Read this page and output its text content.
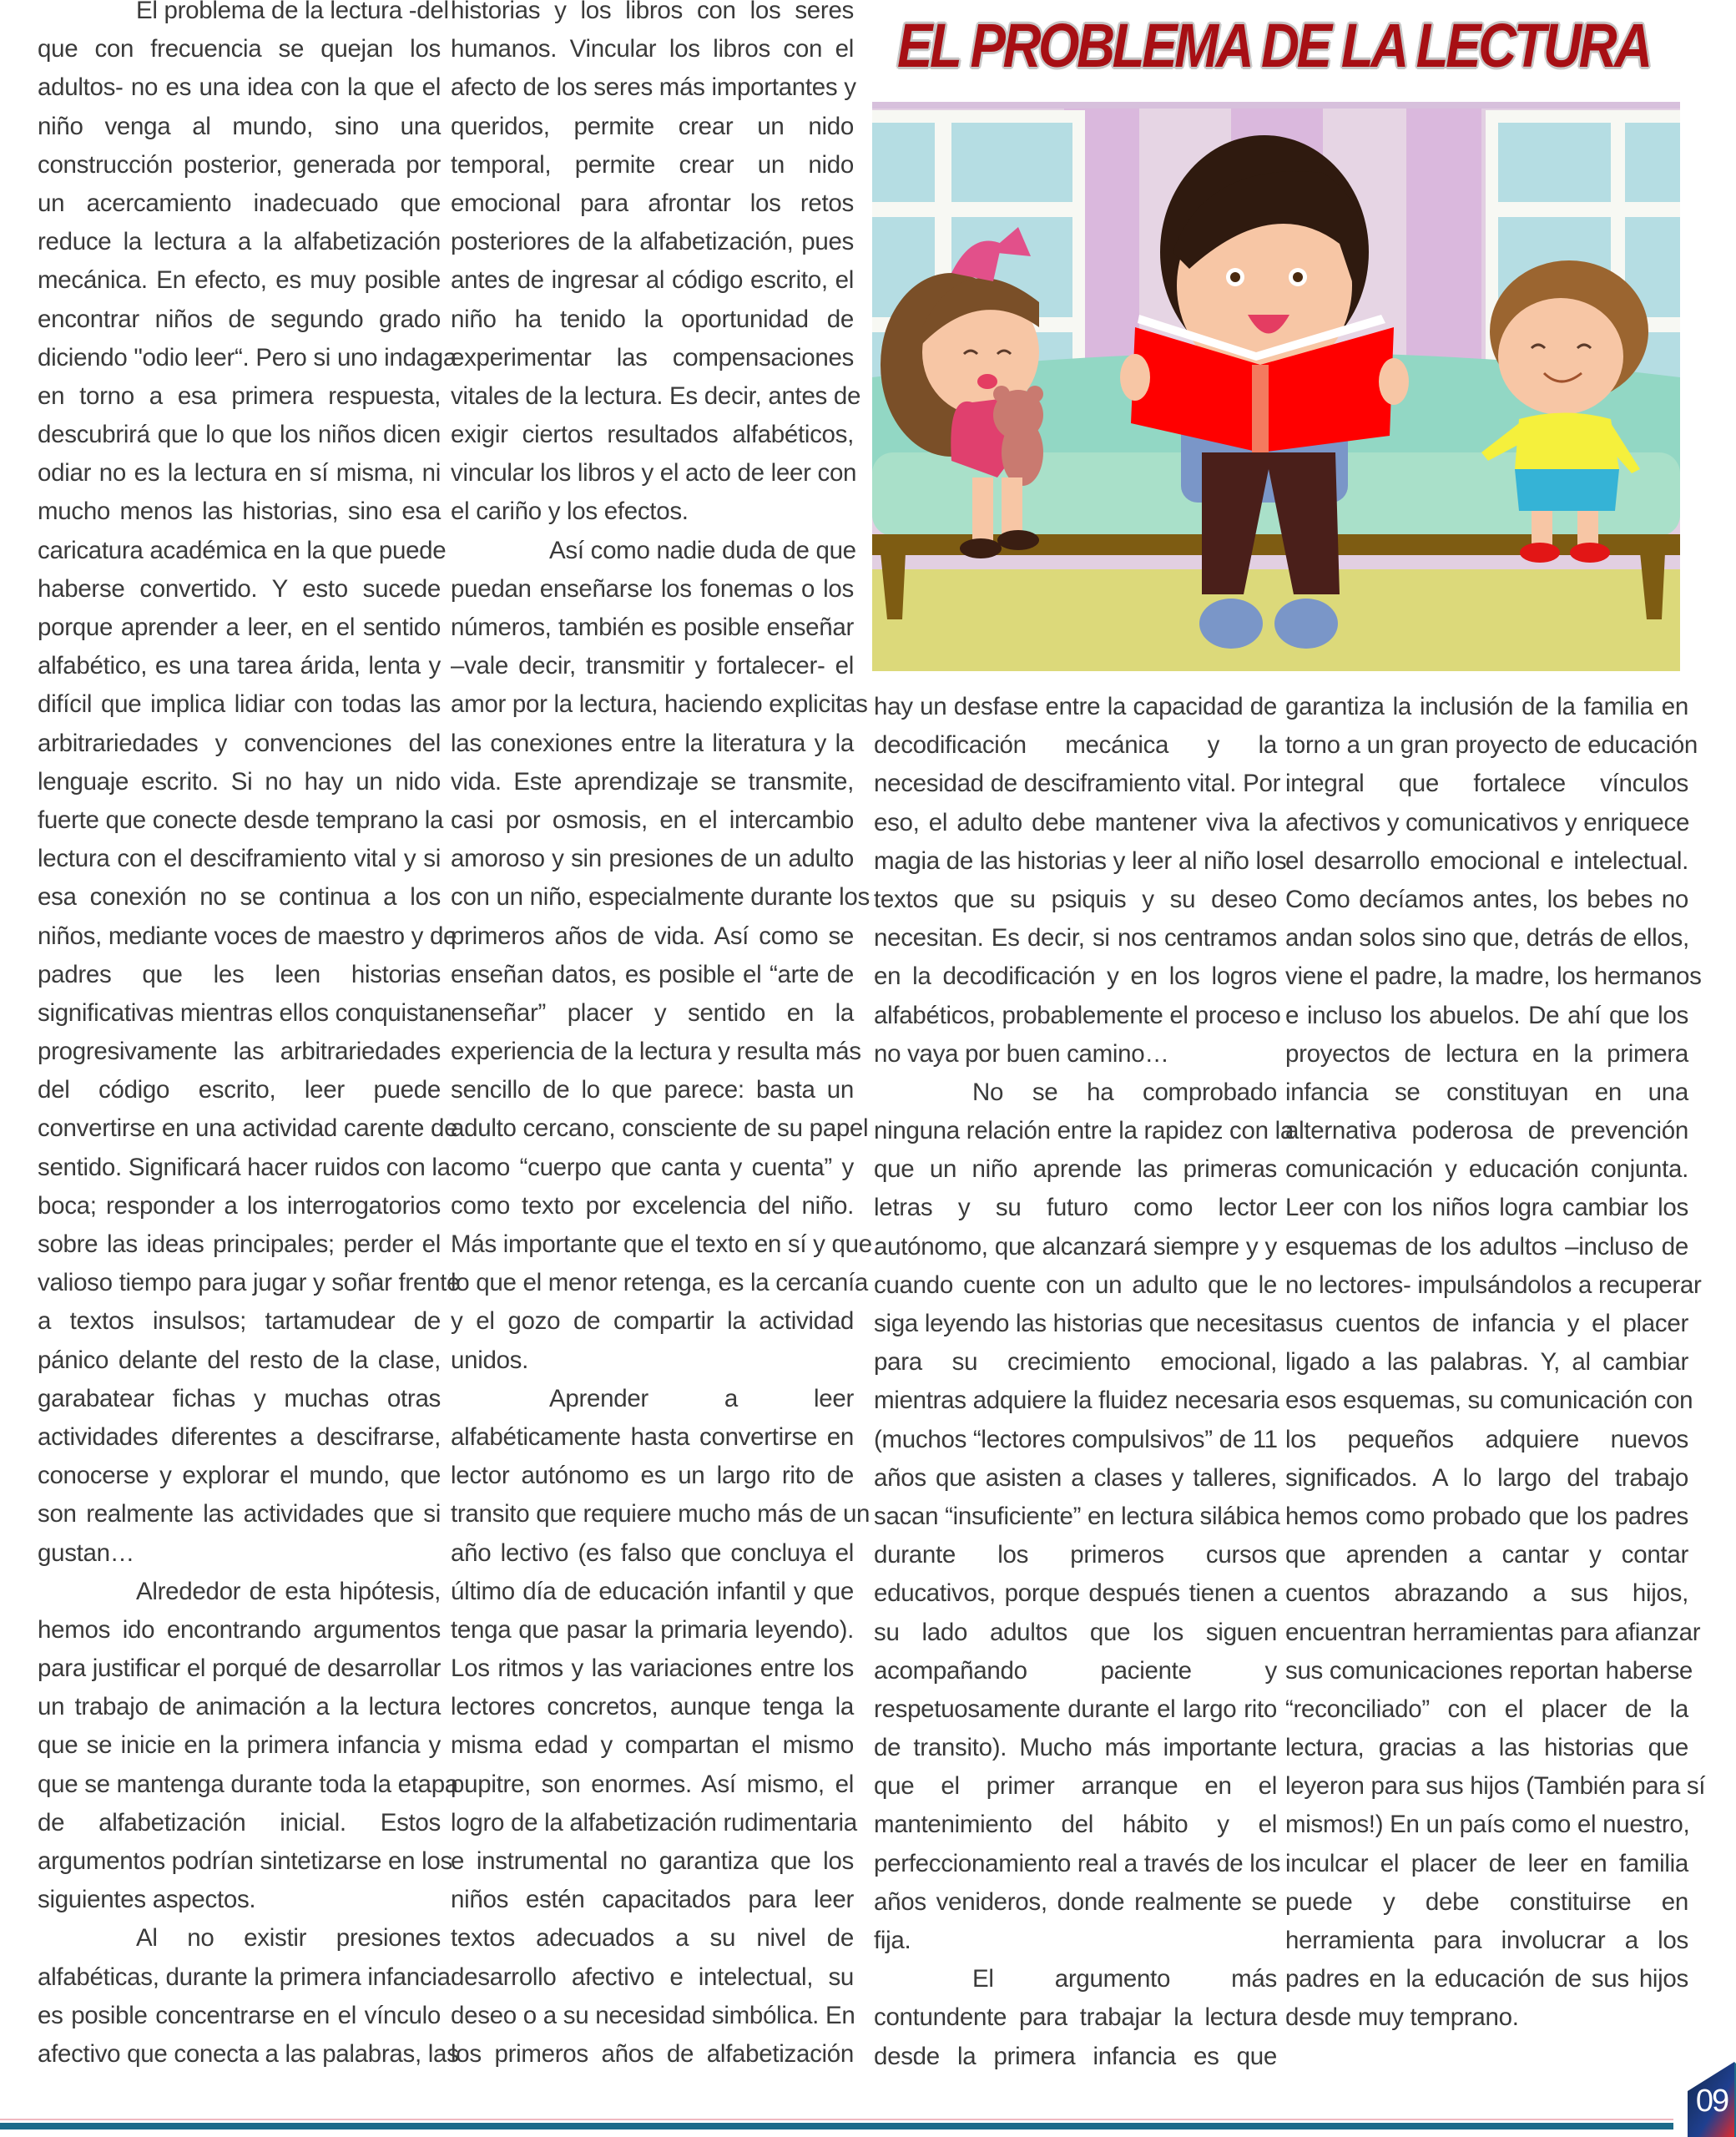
EL PROBLEMA DE LA LECTURA
El problema de la lectura -del
que con frecuencia se quejan los
adultos- no es una idea con la que el
niño venga al mundo, sino una
construcción posterior, generada por
un acercamiento inadecuado que
reduce la lectura a la alfabetización
mecánica. En efecto, es muy posible
encontrar niños de segundo grado
diciendo "odio leer“. Pero si uno indaga
en torno a esa primera respuesta,
descubrirá que lo que los niños dicen
odiar no es la lectura en sí misma, ni
mucho menos las historias, sino esa
caricatura académica en la que puede
haberse convertido. Y esto sucede
porque aprender a leer, en el sentido
alfabético, es una tarea árida, lenta y
difícil que implica lidiar con todas las
arbitrariedades y convenciones del
lenguaje escrito. Si no hay un nido
fuerte que conecte desde temprano la
lectura con el desciframiento vital y si
esa conexión no se continua a los
niños, mediante voces de maestro y de
padres que les leen historias
significativas mientras ellos conquistan
progresivamente las arbitrariedades
del código escrito, leer puede
convertirse en una actividad carente de
sentido. Significará hacer ruidos con la
boca; responder a los interrogatorios
sobre las ideas principales; perder el
valioso tiempo para jugar y soñar frente
a textos insulsos; tartamudear de
pánico delante del resto de la clase,
garabatear fichas y muchas otras
actividades diferentes a descifrarse,
conocerse y explorar el mundo, que
son realmente las actividades que si
gustan…
Alrededor de esta hipótesis,
hemos ido encontrando argumentos
para justificar el porqué de desarrollar
un trabajo de animación a la lectura
que se inicie en la primera infancia y
que se mantenga durante toda la etapa
de alfabetización inicial. Estos
argumentos podrían sintetizarse en los
siguientes aspectos.
Al no existir presiones
alfabéticas, durante la primera infancia
es posible concentrarse en el vínculo
afectivo que conecta a las palabras, las
historias y los libros con los seres
humanos. Vincular los libros con el
afecto de los seres más importantes y
queridos, permite crear un nido
temporal, permite crear un nido
emocional para afrontar los retos
posteriores de la alfabetización, pues
antes de ingresar al código escrito, el
niño ha tenido la oportunidad de
experimentar las compensaciones
vitales de la lectura. Es decir, antes de
exigir ciertos resultados alfabéticos,
vincular los libros y el acto de leer con
el cariño y los efectos.
Así como nadie duda de que
puedan enseñarse los fonemas o los
números, también es posible enseñar
–vale decir, transmitir y fortalecer- el
amor por la lectura, haciendo explicitas
las conexiones entre la literatura y la
vida. Este aprendizaje se transmite,
casi por osmosis, en el intercambio
amoroso y sin presiones de un adulto
con un niño, especialmente durante los
primeros años de vida. Así como se
enseñan datos, es posible el “arte de
enseñar” placer y sentido en la
experiencia de la lectura y resulta más
sencillo de lo que parece: basta un
adulto cercano, consciente de su papel
como “cuerpo que canta y cuenta” y
como texto por excelencia del niño.
Más importante que el texto en sí y que
lo que el menor retenga, es la cercanía
y el gozo de compartir la actividad
unidos.
Aprender a leer
alfabéticamente hasta convertirse en
lector autónomo es un largo rito de
transito que requiere mucho más de un
año lectivo (es falso que concluya el
último día de educación infantil y que
tenga que pasar la primaria leyendo).
Los ritmos y las variaciones entre los
lectores concretos, aunque tenga la
misma edad y compartan el mismo
pupitre, son enormes. Así mismo, el
logro de la alfabetización rudimentaria
e instrumental no garantiza que los
niños estén capacitados para leer
textos adecuados a su nivel de
desarrollo afectivo e intelectual, su
deseo o a su necesidad simbólica. En
los primeros años de alfabetización
hay un desfase entre la capacidad de
decodificación mecánica y la
necesidad de desciframiento vital. Por
eso, el adulto debe mantener viva la
magia de las historias y leer al niño los
textos que su psiquis y su deseo
necesitan. Es decir, si nos centramos
en la decodificación y en los logros
alfabéticos, probablemente el proceso
no vaya por buen camino…
No se ha comprobado
ninguna relación entre la rapidez con la
que un niño aprende las primeras
letras y su futuro como lector
autónomo, que alcanzará siempre y y
cuando cuente con un adulto que le
siga leyendo las historias que necesita
para su crecimiento emocional,
mientras adquiere la fluidez necesaria
(muchos “lectores compulsivos” de 11
años que asisten a clases y talleres,
sacan “insuficiente” en lectura silábica
durante los primeros cursos
educativos, porque después tienen a
su lado adultos que los siguen
acompañando paciente y
respetuosamente durante el largo rito
de transito). Mucho más importante
que el primer arranque en el
mantenimiento del hábito y el
perfeccionamiento real a través de los
años venideros, donde realmente se
fija.
El argumento más
contundente para trabajar la lectura
desde la primera infancia es que
garantiza la inclusión de la familia en
torno a un gran proyecto de educación
integral que fortalece vínculos
afectivos y comunicativos y enriquece
el desarrollo emocional e intelectual.
Como decíamos antes, los bebes no
andan solos sino que, detrás de ellos,
viene el padre, la madre, los hermanos
e incluso los abuelos. De ahí que los
proyectos de lectura en la primera
infancia se constituyan en una
alternativa poderosa de prevención
comunicación y educación conjunta.
Leer con los niños logra cambiar los
esquemas de los adultos –incluso de
no lectores- impulsándolos a recuperar
sus cuentos de infancia y el placer
ligado a las palabras. Y, al cambiar
esos esquemas, su comunicación con
los pequeños adquiere nuevos
significados. A lo largo del trabajo
hemos como probado que los padres
que aprenden a cantar y contar
cuentos abrazando a sus hijos,
encuentran herramientas para afianzar
sus comunicaciones reportan haberse
“reconciliado” con el placer de la
lectura, gracias a las historias que
leyeron para sus hijos (También para sí
mismos!) En un país como el nuestro,
inculcar el placer de leer en familia
puede y debe constituirse en
herramienta para involucrar a los
padres en la educación de sus hijos
desde muy temprano.
09
